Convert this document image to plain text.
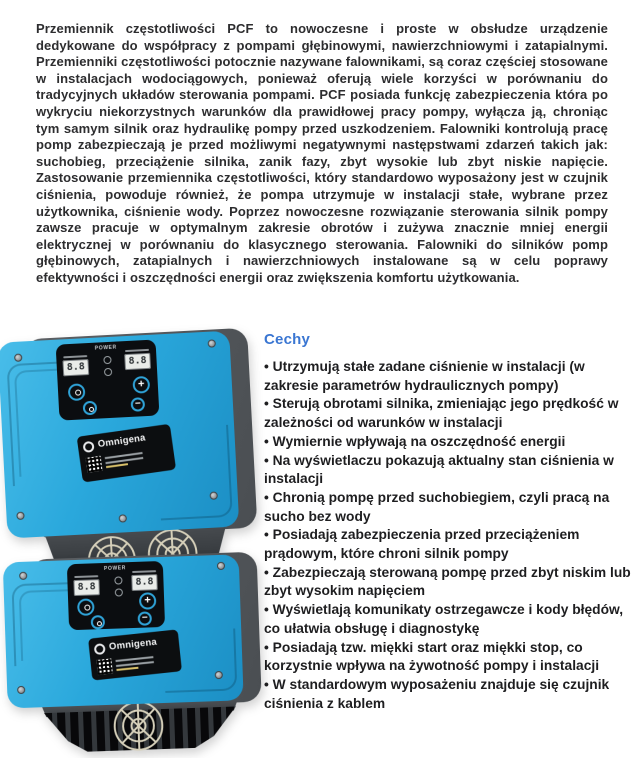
Przemiennik częstotliwości PCF to nowoczesne i proste w obsłudze urządzenie dedykowane do współpracy z pompami głębinowymi, nawierzchniowymi i zatapialnymi. Przemienniki częstotliwości potocznie nazywane falownikami, są coraz częściej stosowane w instalacjach wodociągowych, ponieważ oferują wiele korzyści w porównaniu do tradycyjnych układów sterowania pompami. PCF posiada funkcję zabezpieczenia która po wykryciu niekorzystnych warunków dla prawidłowej pracy pompy, wyłącza ją, chroniąc tym samym silnik oraz hydraulikę pompy przed uszkodzeniem. Falowniki kontrolują pracę pomp zabezpieczają je przed możliwymi negatywnymi następstwami zdarzeń takich jak: suchobieg, przeciążenie silnika, zanik fazy, zbyt wysokie lub zbyt niskie napięcie. Zastosowanie przemiennika częstotliwości, który standardowo wyposażony jest w czujnik ciśnienia, powoduje również, że pompa utrzymuje w instalacji stałe, wybrane przez użytkownika, ciśnienie wody. Poprzez nowoczesne rozwiązanie sterowania silnik pompy zawsze pracuje w optymalnym zakresie obrotów i zużywa znacznie mniej energii elektrycznej w porównaniu do klasycznego sterowania. Falowniki do silników pomp głębinowych, zatapialnych i nawierzchniowych instalowane są w celu poprawy efektywności i oszczędności energii oraz zwiększenia komfortu użytkowania.

POWER
8.8
8.8
+
−
Omnigena
POWER
8.8	8.8
+
−
Omnigena
Cechy
• Utrzymują stałe zadane ciśnienie w instalacji (w zakresie parametrów hydraulicznych pompy)
• Sterują obrotami silnika, zmieniając jego prędkość w zależności od warunków w instalacji
• Wymiernie wpływają na oszczędność energii
• Na wyświetlaczu pokazują aktualny stan ciśnienia w instalacji
• Chronią pompę przed suchobiegiem, czyli pracą na sucho bez wody
• Posiadają zabezpieczenia przed przeciążeniem prądowym, które chroni silnik pompy
• Zabezpieczają sterowaną pompę przed zbyt niskim lub zbyt wysokim napięciem
• Wyświetlają komunikaty ostrzegawcze i kody błędów, co ułatwia obsługę i diagnostykę
• Posiadają tzw. miękki start oraz miękki stop, co korzystnie wpływa na żywotność pompy i instalacji
• W standardowym wyposażeniu znajduje się czujnik ciśnienia z kablem
